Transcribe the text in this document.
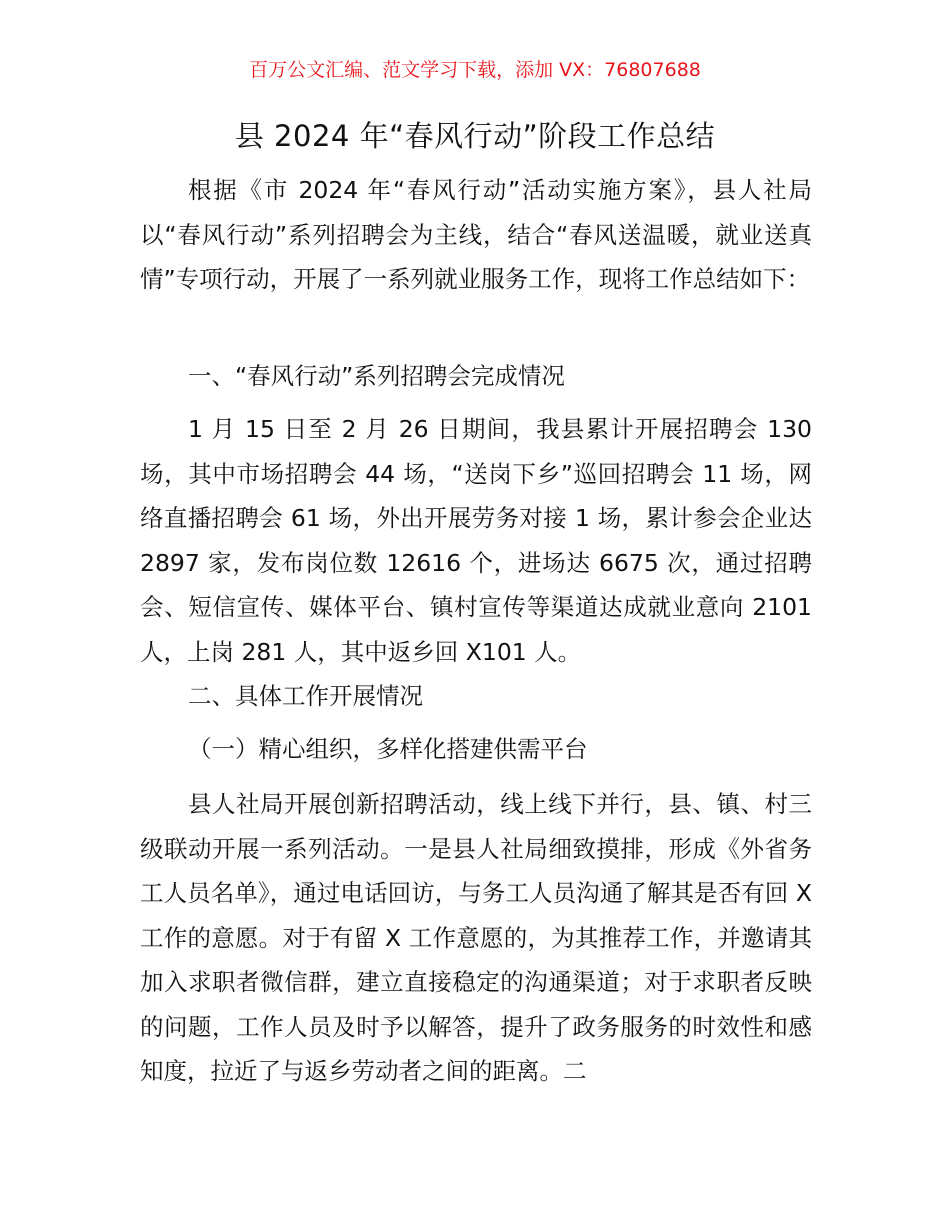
百万公文汇编、范文学习下载，添加 VX：76807688
县 2024 年“春风行动”阶段工作总结
根据《市 2024 年“春风行动”活动实施方案》，县人社局以“春风行动”系列招聘会为主线，结合“春风送温暖，就业送真情”专项行动，开展了一系列就业服务工作，现将工作总结如下：
一、“春风行动”系列招聘会完成情况
1 月 15 日至 2 月 26 日期间，我县累计开展招聘会 130 场，其中市场招聘会 44 场，“送岗下乡”巡回招聘会 11 场，网络直播招聘会 61 场，外出开展劳务对接 1 场，累计参会企业达 2897 家，发布岗位数 12616 个，进场达 6675 次，通过招聘会、短信宣传、媒体平台、镇村宣传等渠道达成就业意向 2101 人，上岗 281 人，其中返乡回 X101 人。
二、具体工作开展情况
（一）精心组织，多样化搭建供需平台
县人社局开展创新招聘活动，线上线下并行，县、镇、村三级联动开展一系列活动。一是县人社局细致摸排，形成《外省务工人员名单》，通过电话回访，与务工人员沟通了解其是否有回 X 工作的意愿。对于有留 X 工作意愿的，为其推荐工作，并邀请其加入求职者微信群，建立直接稳定的沟通渠道；对于求职者反映的问题，工作人员及时予以解答，提升了政务服务的时效性和感知度，拉近了与返乡劳动者之间的距离。二
